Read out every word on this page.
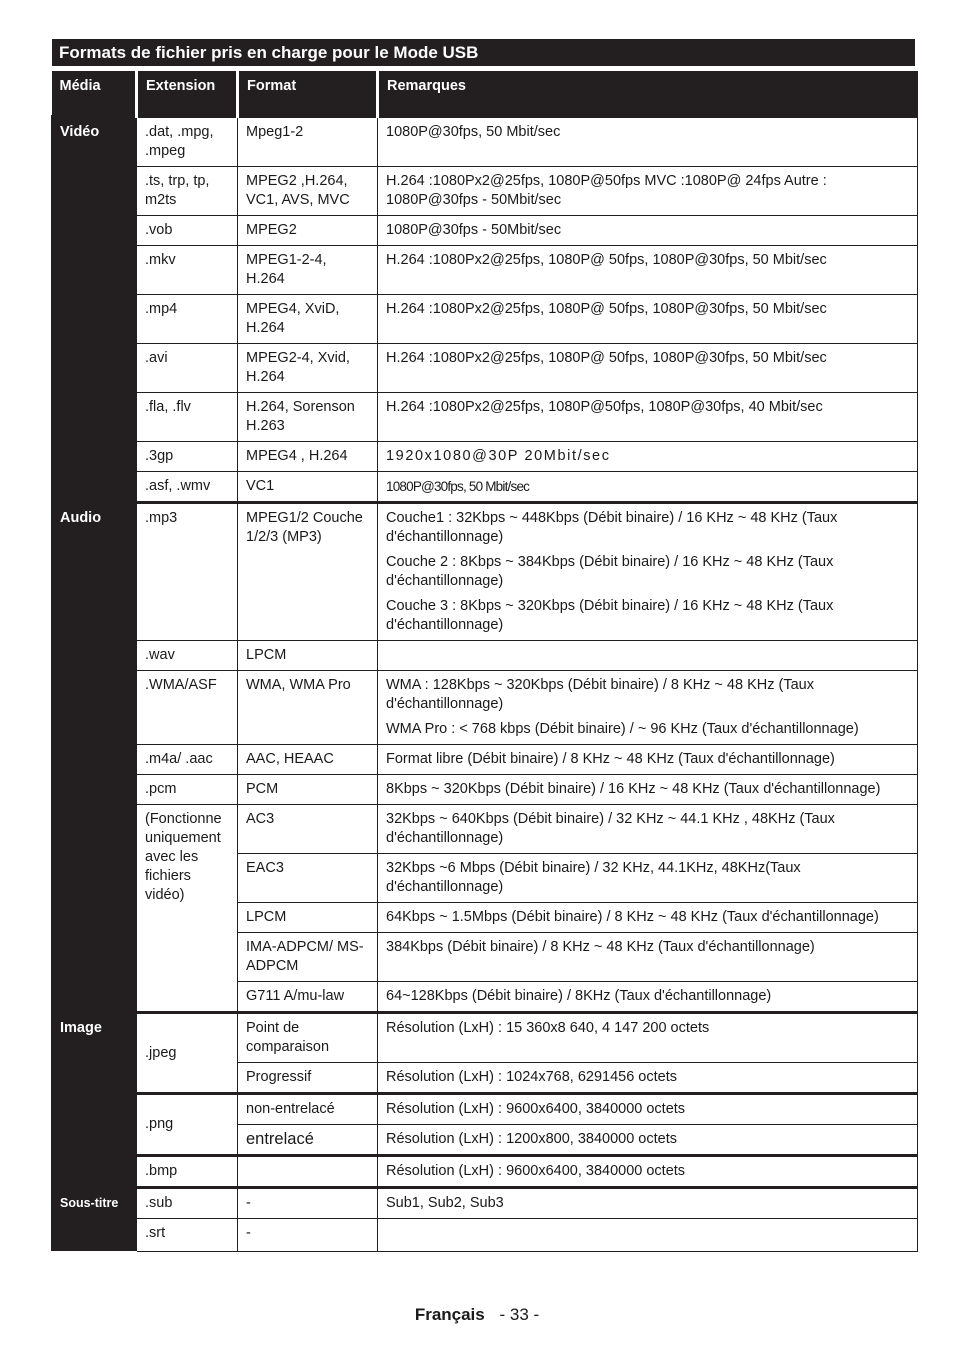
Formats de fichier pris en charge pour le Mode USB
Média	Extension	Format	Remarques
Vidéo	.dat, .mpg, .mpeg	Mpeg1-2	1080P@30fps, 50 Mbit/sec
	.ts, trp, tp, m2ts	MPEG2 ,H.264, VC1, AVS, MVC	H.264 :1080Px2@25fps, 1080P@50fps MVC :1080P@ 24fps Autre : 1080P@30fps - 50Mbit/sec
	.vob	MPEG2	1080P@30fps - 50Mbit/sec
	.mkv	MPEG1-2-4, H.264	H.264 :1080Px2@25fps, 1080P@ 50fps, 1080P@30fps, 50 Mbit/sec
	.mp4	MPEG4, XviD, H.264	H.264 :1080Px2@25fps, 1080P@ 50fps, 1080P@30fps, 50 Mbit/sec
	.avi	MPEG2-4, Xvid, H.264	H.264 :1080Px2@25fps, 1080P@ 50fps, 1080P@30fps, 50 Mbit/sec
	.fla, .flv	H.264, Sorenson H.263	H.264 :1080Px2@25fps, 1080P@50fps, 1080P@30fps, 40 Mbit/sec
	.3gp	MPEG4 , H.264	1920x1080@30P 20Mbit/sec
	.asf, .wmv	VC1	1080P@30fps, 50 Mbit/sec
Audio	.mp3	MPEG1/2 Couche 1/2/3 (MP3)	Couche1 : 32Kbps ~ 448Kbps (Débit binaire) / 16 KHz ~ 48 KHz (Taux d'échantillonnage)

Couche 2 : 8Kbps ~ 384Kbps (Débit binaire) / 16 KHz ~ 48 KHz (Taux d'échantillonnage)

Couche 3 : 8Kbps ~ 320Kbps (Débit binaire) / 16 KHz ~ 48 KHz (Taux d'échantillonnage)

	.wav	LPCM	
	.WMA/ASF	WMA, WMA Pro	WMA : 128Kbps ~ 320Kbps (Débit binaire) / 8 KHz ~ 48 KHz (Taux d'échantillonnage)

WMA Pro : < 768 kbps (Débit binaire) / ~ 96 KHz (Taux d'échantillonnage)

	.m4a/ .aac	AAC, HEAAC	Format libre (Débit binaire) / 8 KHz ~ 48 KHz (Taux d'échantillonnage)
	.pcm	PCM	8Kbps ~ 320Kbps (Débit binaire) / 16 KHz ~ 48 KHz (Taux d'échantillonnage)
	(Fonctionne uniquement avec les fichiers vidéo)	AC3	32Kbps ~ 640Kbps (Débit binaire) / 32 KHz ~ 44.1 KHz , 48KHz (Taux d'échantillonnage)
		EAC3	32Kbps ~6 Mbps (Débit binaire) / 32 KHz, 44.1KHz, 48KHz(Taux d'échantillonnage)
		LPCM	64Kbps ~ 1.5Mbps (Débit binaire) / 8 KHz ~ 48 KHz (Taux d'échantillonnage)
		IMA-ADPCM/ MS-ADPCM	384Kbps (Débit binaire) / 8 KHz ~ 48 KHz (Taux d'échantillonnage)
		G711 A/mu-law	64~128Kbps (Débit binaire) / 8KHz (Taux d'échantillonnage)
Image	.jpeg	Point de comparaison	Résolution (LxH) : 15 360x8 640, 4 147 200 octets
		Progressif	Résolution (LxH) : 1024x768, 6291456 octets
	.png	non-entrelacé	Résolution (LxH) : 9600x6400, 3840000 octets
		entrelacé	Résolution (LxH) : 1200x800, 3840000 octets
	.bmp		Résolution (LxH) : 9600x6400, 3840000 octets
Sous-titre	.sub	-	Sub1, Sub2, Sub3
	.srt	-	
Français - 33 -
